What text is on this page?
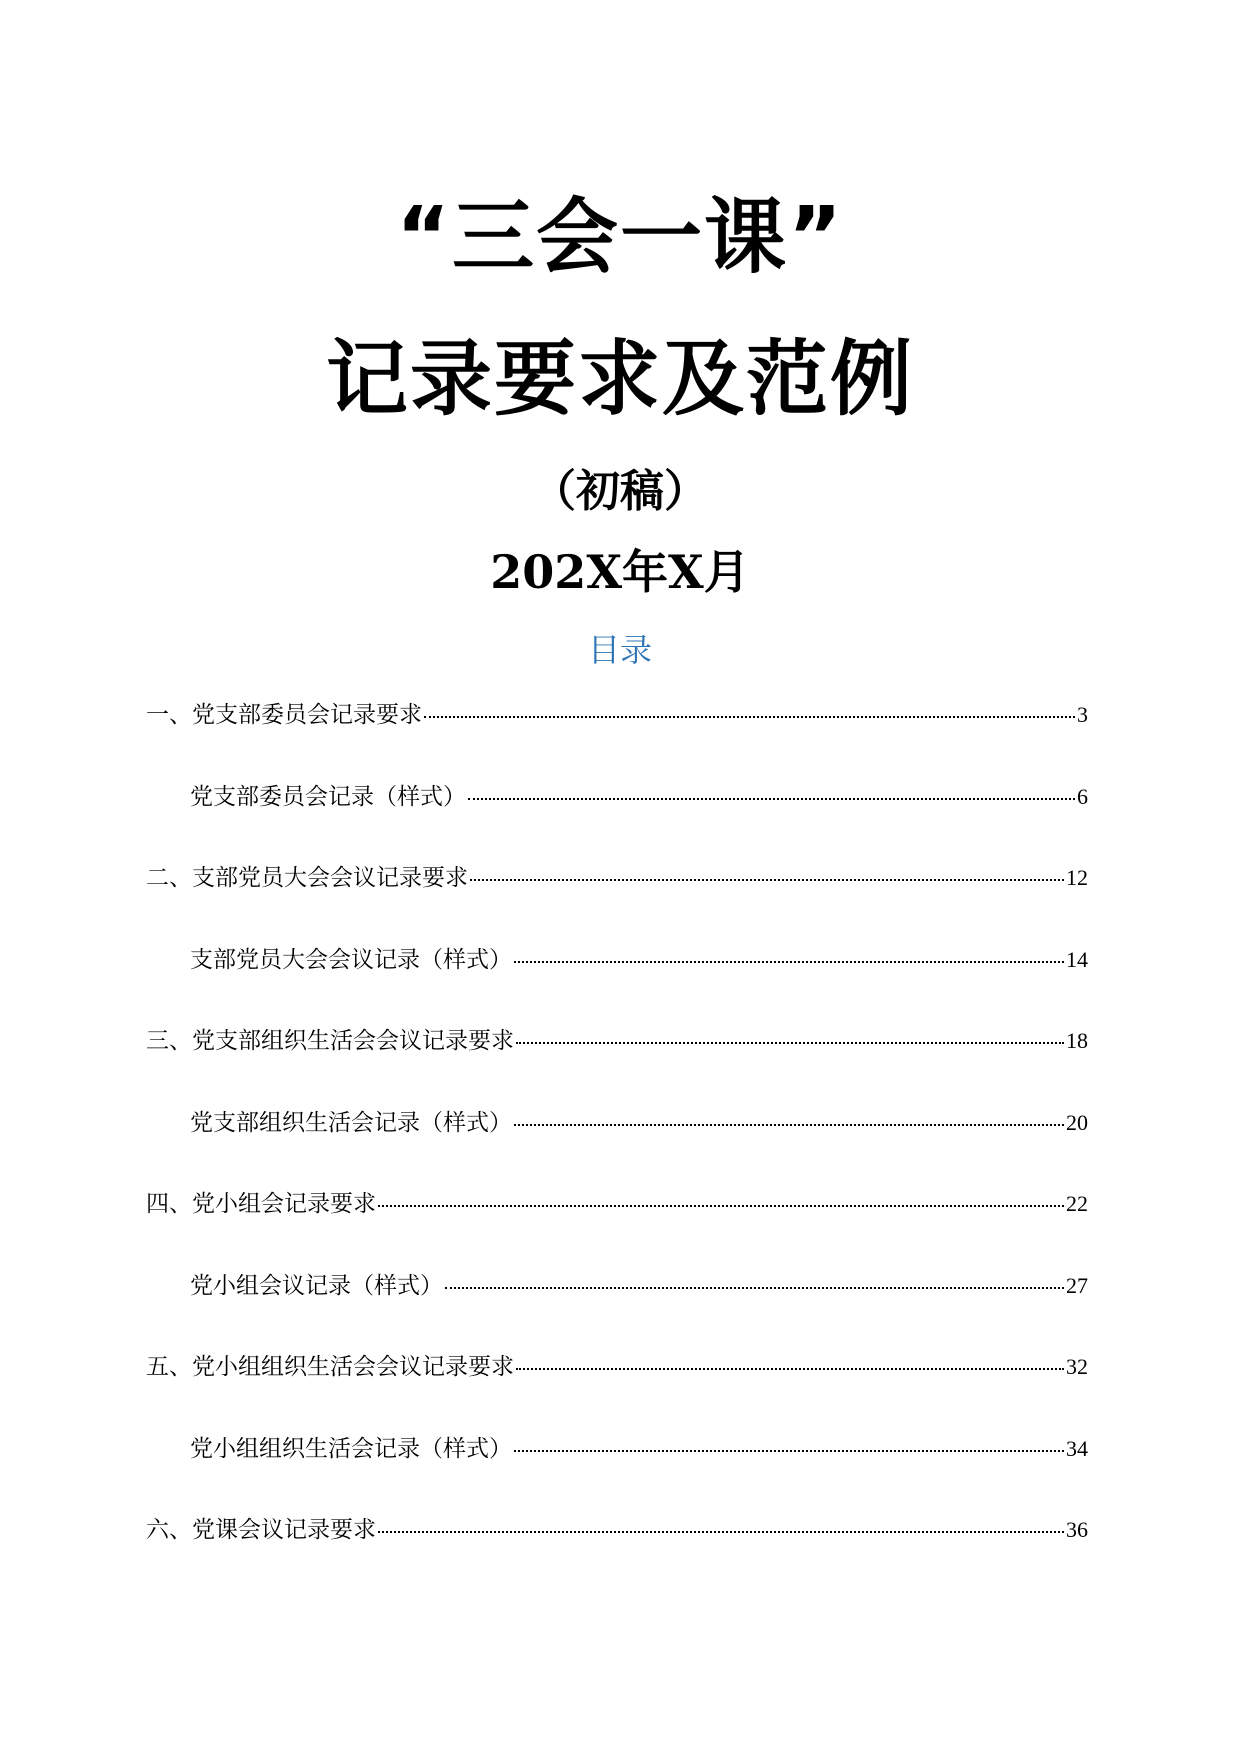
“三会一课”
记录要求及范例
（初稿）
202X年X月
目录
一、党支部委员会记录要求	3
党支部委员会记录（样式）	6
二、支部党员大会会议记录要求	12
支部党员大会会议记录（样式）	14
三、党支部组织生活会会议记录要求	18
党支部组织生活会记录（样式）	20
四、党小组会记录要求	22
党小组会议记录（样式）	27
五、党小组组织生活会会议记录要求	32
党小组组织生活会记录（样式）	34
六、党课会议记录要求	36
